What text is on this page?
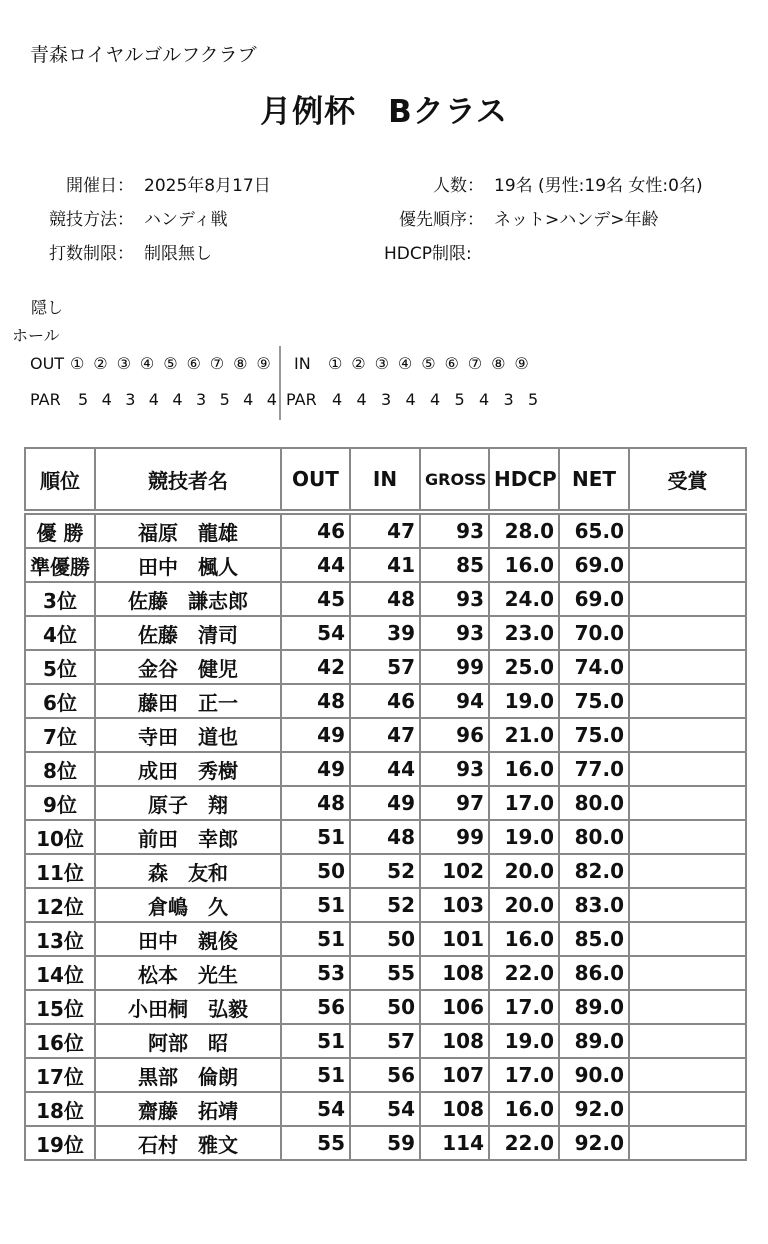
青森ロイヤルゴルフクラブ
月例杯　Bクラス
開催日： 2025年8月17日
競技方法： ハンディ戦
打数制限： 制限無し
人数： 19名 (男性:19名 女性:0名)
優先順序： ネット>ハンデ>年齢
HDCP制限:
隠し
ホール
OUT ① ② ③ ④ ⑤ ⑥ ⑦ ⑧ ⑨
PAR 5 4 3 4 4 3 5 4 4
IN ① ② ③ ④ ⑤ ⑥ ⑦ ⑧ ⑨
PAR 4 4 3 4 4 5 4 3 5
順位	競技者名	OUT	IN	GROSS	HDCP	NET	受賞
優 勝	福原　龍雄	46	47	93	28.0	65.0	
準優勝	田中　楓人	44	41	85	16.0	69.0	
3位	佐藤　謙志郎	45	48	93	24.0	69.0	
4位	佐藤　清司	54	39	93	23.0	70.0	
5位	金谷　健児	42	57	99	25.0	74.0	
6位	藤田　正一	48	46	94	19.0	75.0	
7位	寺田　道也	49	47	96	21.0	75.0	
8位	成田　秀樹	49	44	93	16.0	77.0	
9位	原子　翔	48	49	97	17.0	80.0	
10位	前田　幸郎	51	48	99	19.0	80.0	
11位	森　友和	50	52	102	20.0	82.0	
12位	倉嶋　久	51	52	103	20.0	83.0	
13位	田中　親俊	51	50	101	16.0	85.0	
14位	松本　光生	53	55	108	22.0	86.0	
15位	小田桐　弘毅	56	50	106	17.0	89.0	
16位	阿部　昭	51	57	108	19.0	89.0	
17位	黒部　倫朗	51	56	107	17.0	90.0	
18位	齋藤　拓靖	54	54	108	16.0	92.0	
19位	石村　雅文	55	59	114	22.0	92.0	
